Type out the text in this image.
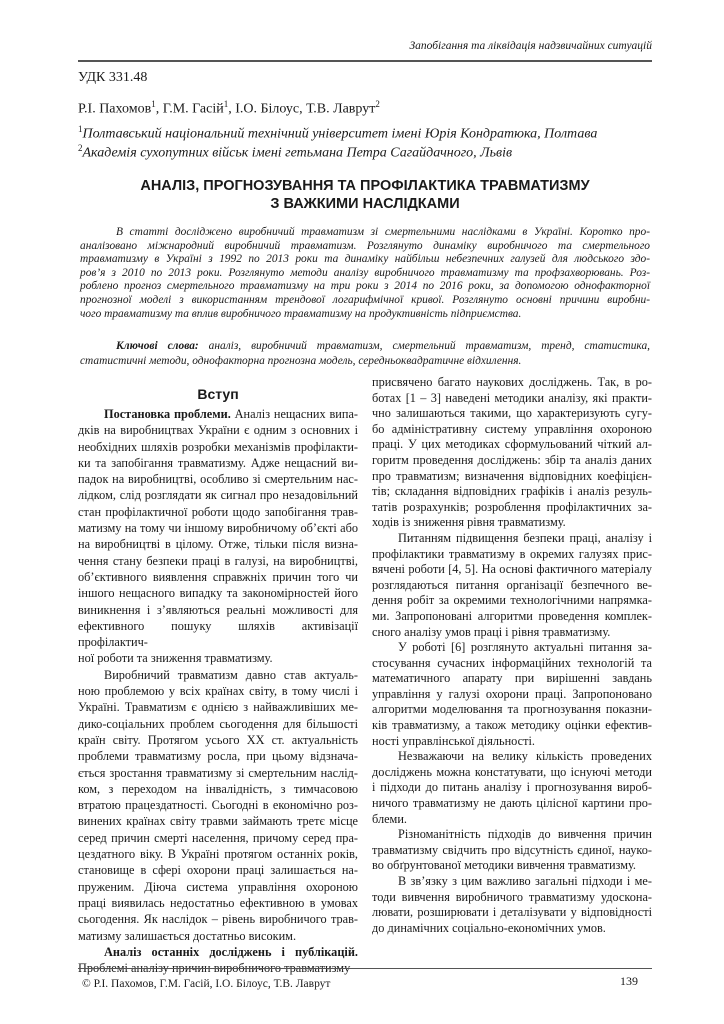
Запобігання та ліквідація надзвичайних ситуацій
УДК 331.48
Р.І. Пахомов$^1$, Г.М. Гасій$^1$, І.О. Білоус, Т.В. Лаврут$^2$
$^1$Полтавський національний технічний університет імені Юрія Кондратюка, Полтава
$^2$Академія сухопутних військ імені гетьмана Петра Сагайдачного, Львів
АНАЛІЗ, ПРОГНОЗУВАННЯ ТА ПРОФІЛАКТИКА ТРАВМАТИЗМУ
З ВАЖКИМИ НАСЛІДКАМИ
В статті досліджено виробничий травматизм зі смертельними наслідками в Україні. Коротко про-
аналізовано міжнародний виробничий травматизм. Розглянуто динаміку виробничого та смертельного
травматизму в Україні з 1992 по 2013 роки та динаміку найбільш небезпечних галузей для людського здо-
ров’я з 2010 по 2013 роки. Розглянуто методи аналізу виробничого травматизму та профзахворювань. Роз-
роблено прогноз смертельного травматизму на три роки з 2014 по 2016 роки, за допомогою однофакторної
прогнозної моделі з використанням трендової логарифмічної кривої. Розглянуто основні причини виробни-
чого травматизму та вплив виробничого травматизму на продуктивність підприємства.
Ключові слова: аналіз, виробничий травматизм, смертельний травматизм, тренд, статистика,
статистичні методи, однофакторна прогнозна модель, середньоквадратичне відхилення.
Вступ
Постановка проблеми. Аналіз нещасних випа-
дків на виробництвах України є одним з основних і
необхідних шляхів розробки механізмів профілакти-
ки та запобігання травматизму. Адже нещасний ви-
падок на виробництві, особливо зі смертельним нас-
лідком, слід розглядати як сигнал про незадовільний
стан профілактичної роботи щодо запобігання трав-
матизму на тому чи іншому виробничому об’єкті або
на виробництві в цілому. Отже, тільки після визна-
чення стану безпеки праці в галузі, на виробництві,
об’єктивного виявлення справжніх причин того чи
іншого нещасного випадку та закономірностей його
виникнення і з’являються реальні можливості для
ефективного пошуку шляхів активізації профілактич-
ної роботи та зниження травматизму.
Виробничий травматизм давно став актуаль-
ною проблемою у всіх країнах світу, в тому числі і
Україні. Травматизм є однією з найважливіших ме-
дико-соціальних проблем сьогодення для більшості
країн світу. Протягом усього XX ст. актуальність
проблеми травматизму росла, при цьому відзнача-
ється зростання травматизму зі смертельним наслід-
ком, з переходом на інвалідність, з тимчасовою
втратою працездатності. Сьогодні в економічно роз-
винених країнах світу травми займають третє місце
серед причин смерті населення, причому серед пра-
цездатного віку. В Україні протягом останніх років,
становище в сфері охорони праці залишається на-
пруженим. Діюча система управління охороною
праці виявилась недостатньо ефективною в умовах
сьогодення. Як наслідок – рівень виробничого трав-
матизму залишається достатньо високим.
Аналіз останніх досліджень і публікацій.
Проблемі аналізу причин виробничого травматизму
присвячено багато наукових досліджень. Так, в ро-
ботах [1 – 3] наведені методики аналізу, які практи-
чно залишаються такими, що характеризують сугу-
бо адміністративну систему управління охороною
праці. У цих методиках сформульований чіткий ал-
горитм проведення досліджень: збір та аналіз даних
про травматизм; визначення відповідних коефіцієн-
тів; складання відповідних графіків і аналіз резуль-
татів розрахунків; розроблення профілактичних за-
ходів із зниження рівня травматизму.
Питанням підвищення безпеки праці, аналізу і
профілактики травматизму в окремих галузях прис-
вячені роботи [4, 5]. На основі фактичного матеріалу
розглядаються питання організації безпечного ве-
дення робіт за окремими технологічними напрямка-
ми. Запропоновані алгоритми проведення комплек-
сного аналізу умов праці і рівня травматизму.
У роботі [6] розглянуто актуальні питання за-
стосування сучасних інформаційних технологій та
математичного апарату при вирішенні завдань
управління у галузі охорони праці. Запропоновано
алгоритми моделювання та прогнозування показни-
ків травматизму, а також методику оцінки ефектив-
ності управлінської діяльності.
Незважаючи на велику кількість проведених
досліджень можна констатувати, що існуючі методи
і підходи до питань аналізу і прогнозування вироб-
ничого травматизму не дають цілісної картини про-
блеми.
Різноманітність підходів до вивчення причин
травматизму свідчить про відсутність єдиної, науко-
во обґрунтованої методики вивчення травматизму.
В зв’язку з цим важливо загальні підходи і ме-
тоди вивчення виробничого травматизму удоскона-
лювати, розширювати і деталізувати у відповідності
до динамічних соціально-економічних умов.
© Р.І. Пахомов, Г.М. Гасій, І.О. Білоус, Т.В. Лаврут	139
